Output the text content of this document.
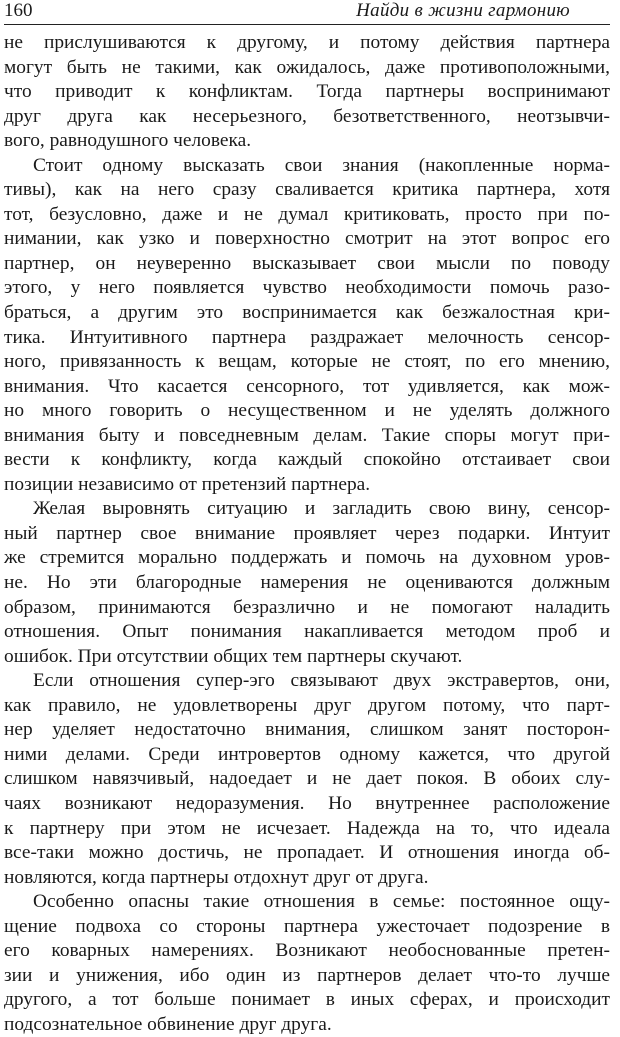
160	Найди в жизни гармонию
не прислушиваются к другому, и потому действия партнера
могут быть не такими, как ожидалось, даже противоположными,
что приводит к конфликтам. Тогда партнеры воспринимают
друг друга как несерьезного, безответственного, неотзывчи-
вого, равнодушного человека.
Стоит одному высказать свои знания (накопленные норма-
тивы), как на него сразу сваливается критика партнера, хотя
тот, безусловно, даже и не думал критиковать, просто при по-
нимании, как узко и поверхностно смотрит на этот вопрос его
партнер, он неуверенно высказывает свои мысли по поводу
этого, у него появляется чувство необходимости помочь разо-
браться, а другим это воспринимается как безжалостная кри-
тика. Интуитивного партнера раздражает мелочность сенсор-
ного, привязанность к вещам, которые не стоят, по его мнению,
внимания. Что касается сенсорного, тот удивляется, как мож-
но много говорить о несущественном и не уделять должного
внимания быту и повседневным делам. Такие споры могут при-
вести к конфликту, когда каждый спокойно отстаивает свои
позиции независимо от претензий партнера.
Желая выровнять ситуацию и загладить свою вину, сенсор-
ный партнер свое внимание проявляет через подарки. Интуит
же стремится морально поддержать и помочь на духовном уров-
не. Но эти благородные намерения не оцениваются должным
образом, принимаются безразлично и не помогают наладить
отношения. Опыт понимания накапливается методом проб и
ошибок. При отсутствии общих тем партнеры скучают.
Если отношения супер-эго связывают двух экстравертов, они,
как правило, не удовлетворены друг другом потому, что парт-
нер уделяет недостаточно внимания, слишком занят посторон-
ними делами. Среди интровертов одному кажется, что другой
слишком навязчивый, надоедает и не дает покоя. В обоих слу-
чаях возникают недоразумения. Но внутреннее расположение
к партнеру при этом не исчезает. Надежда на то, что идеала
все-таки можно достичь, не пропадает. И отношения иногда об-
новляются, когда партнеры отдохнут друг от друга.
Особенно опасны такие отношения в семье: постоянное ощу-
щение подвоха со стороны партнера ужесточает подозрение в
его коварных намерениях. Возникают необоснованные претен-
зии и унижения, ибо один из партнеров делает что-то лучше
другого, а тот больше понимает в иных сферах, и происходит
подсознательное обвинение друг друга.
